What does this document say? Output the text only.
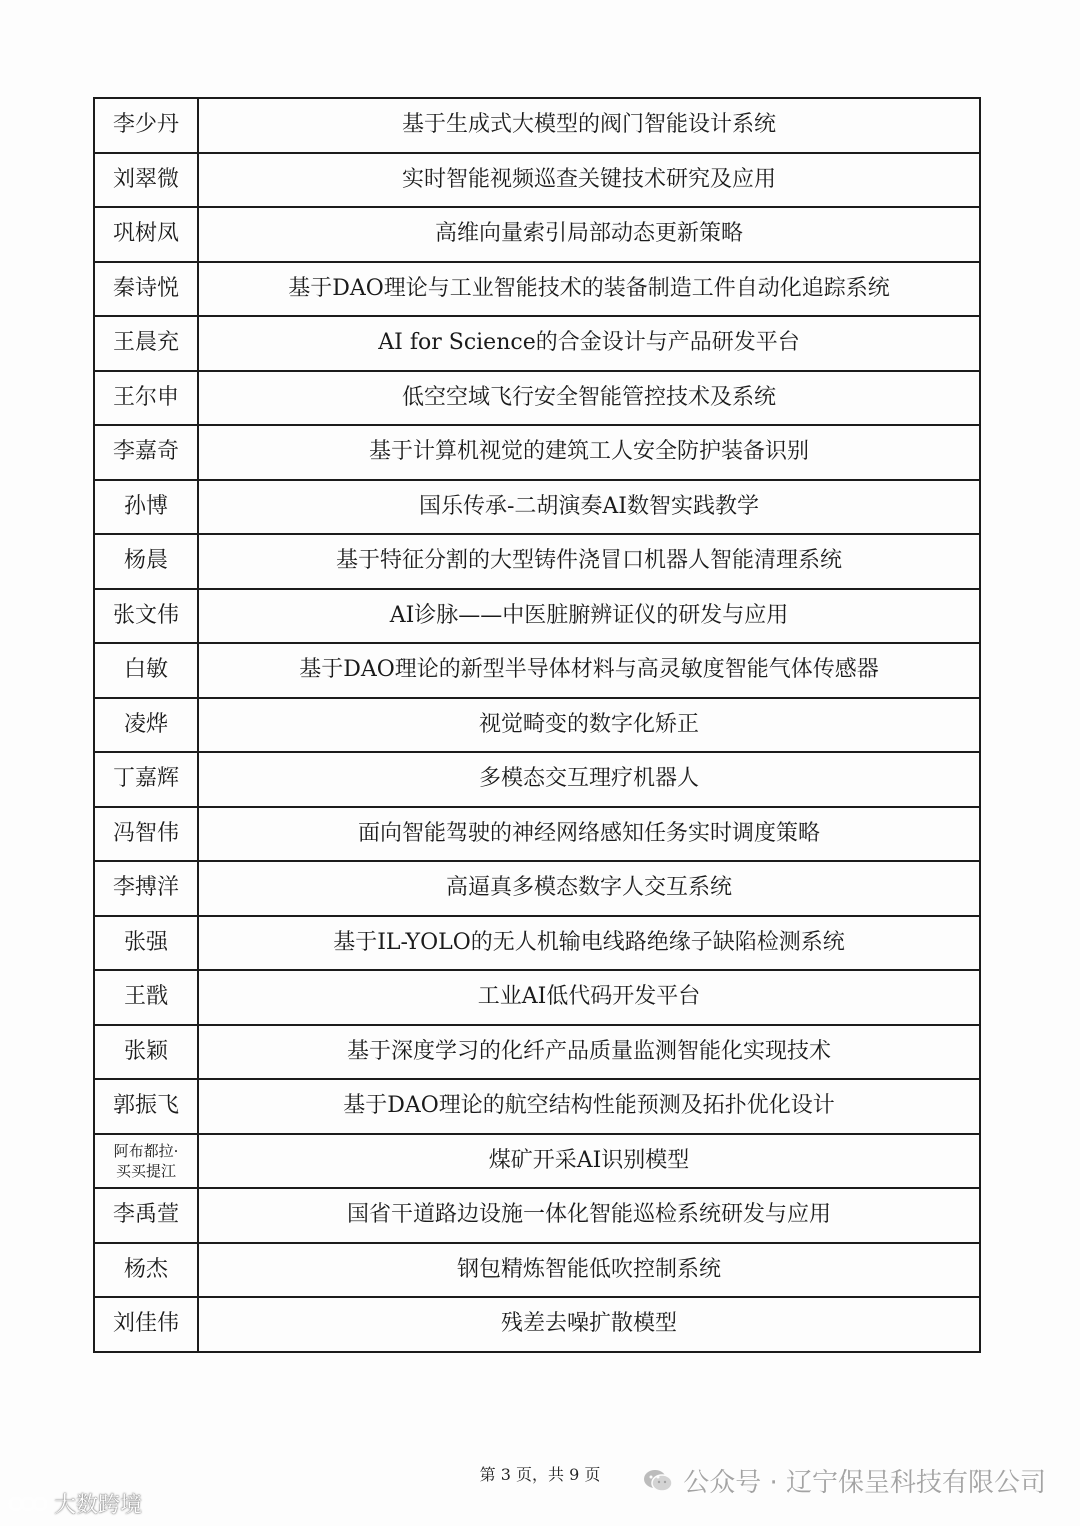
李少丹	基于生成式大模型的阀门智能设计系统
刘翠微	实时智能视频巡查关键技术研究及应用
巩树凤	高维向量索引局部动态更新策略
秦诗悦	基于DAO理论与工业智能技术的装备制造工件自动化追踪系统
王晨充	AI for Science的合金设计与产品研发平台
王尔申	低空空域飞行安全智能管控技术及系统
李嘉奇	基于计算机视觉的建筑工人安全防护装备识别
孙博	国乐传承-二胡演奏AI数智实践教学
杨晨	基于特征分割的大型铸件浇冒口机器人智能清理系统
张文伟	AI诊脉——中医脏腑辨证仪的研发与应用
白敏	基于DAO理论的新型半导体材料与高灵敏度智能气体传感器
凌烨	视觉畸变的数字化矫正
丁嘉辉	多模态交互理疗机器人
冯智伟	面向智能驾驶的神经网络感知任务实时调度策略
李搏洋	高逼真多模态数字人交互系统
张强	基于IL-YOLO的无人机输电线路绝缘子缺陷检测系统
王戬	工业AI低代码开发平台
张颖	基于深度学习的化纤产品质量监测智能化实现技术
郭振飞	基于DAO理论的航空结构性能预测及拓扑优化设计
阿布都拉·
买买提江	煤矿开采AI识别模型
李禹萱	国省干道路边设施一体化智能巡检系统研发与应用
杨杰	钢包精炼智能低吹控制系统
刘佳伟	残差去噪扩散模型
第 3 页，共 9 页	公众号 · 辽宁保呈科技有限公司
大数跨境
